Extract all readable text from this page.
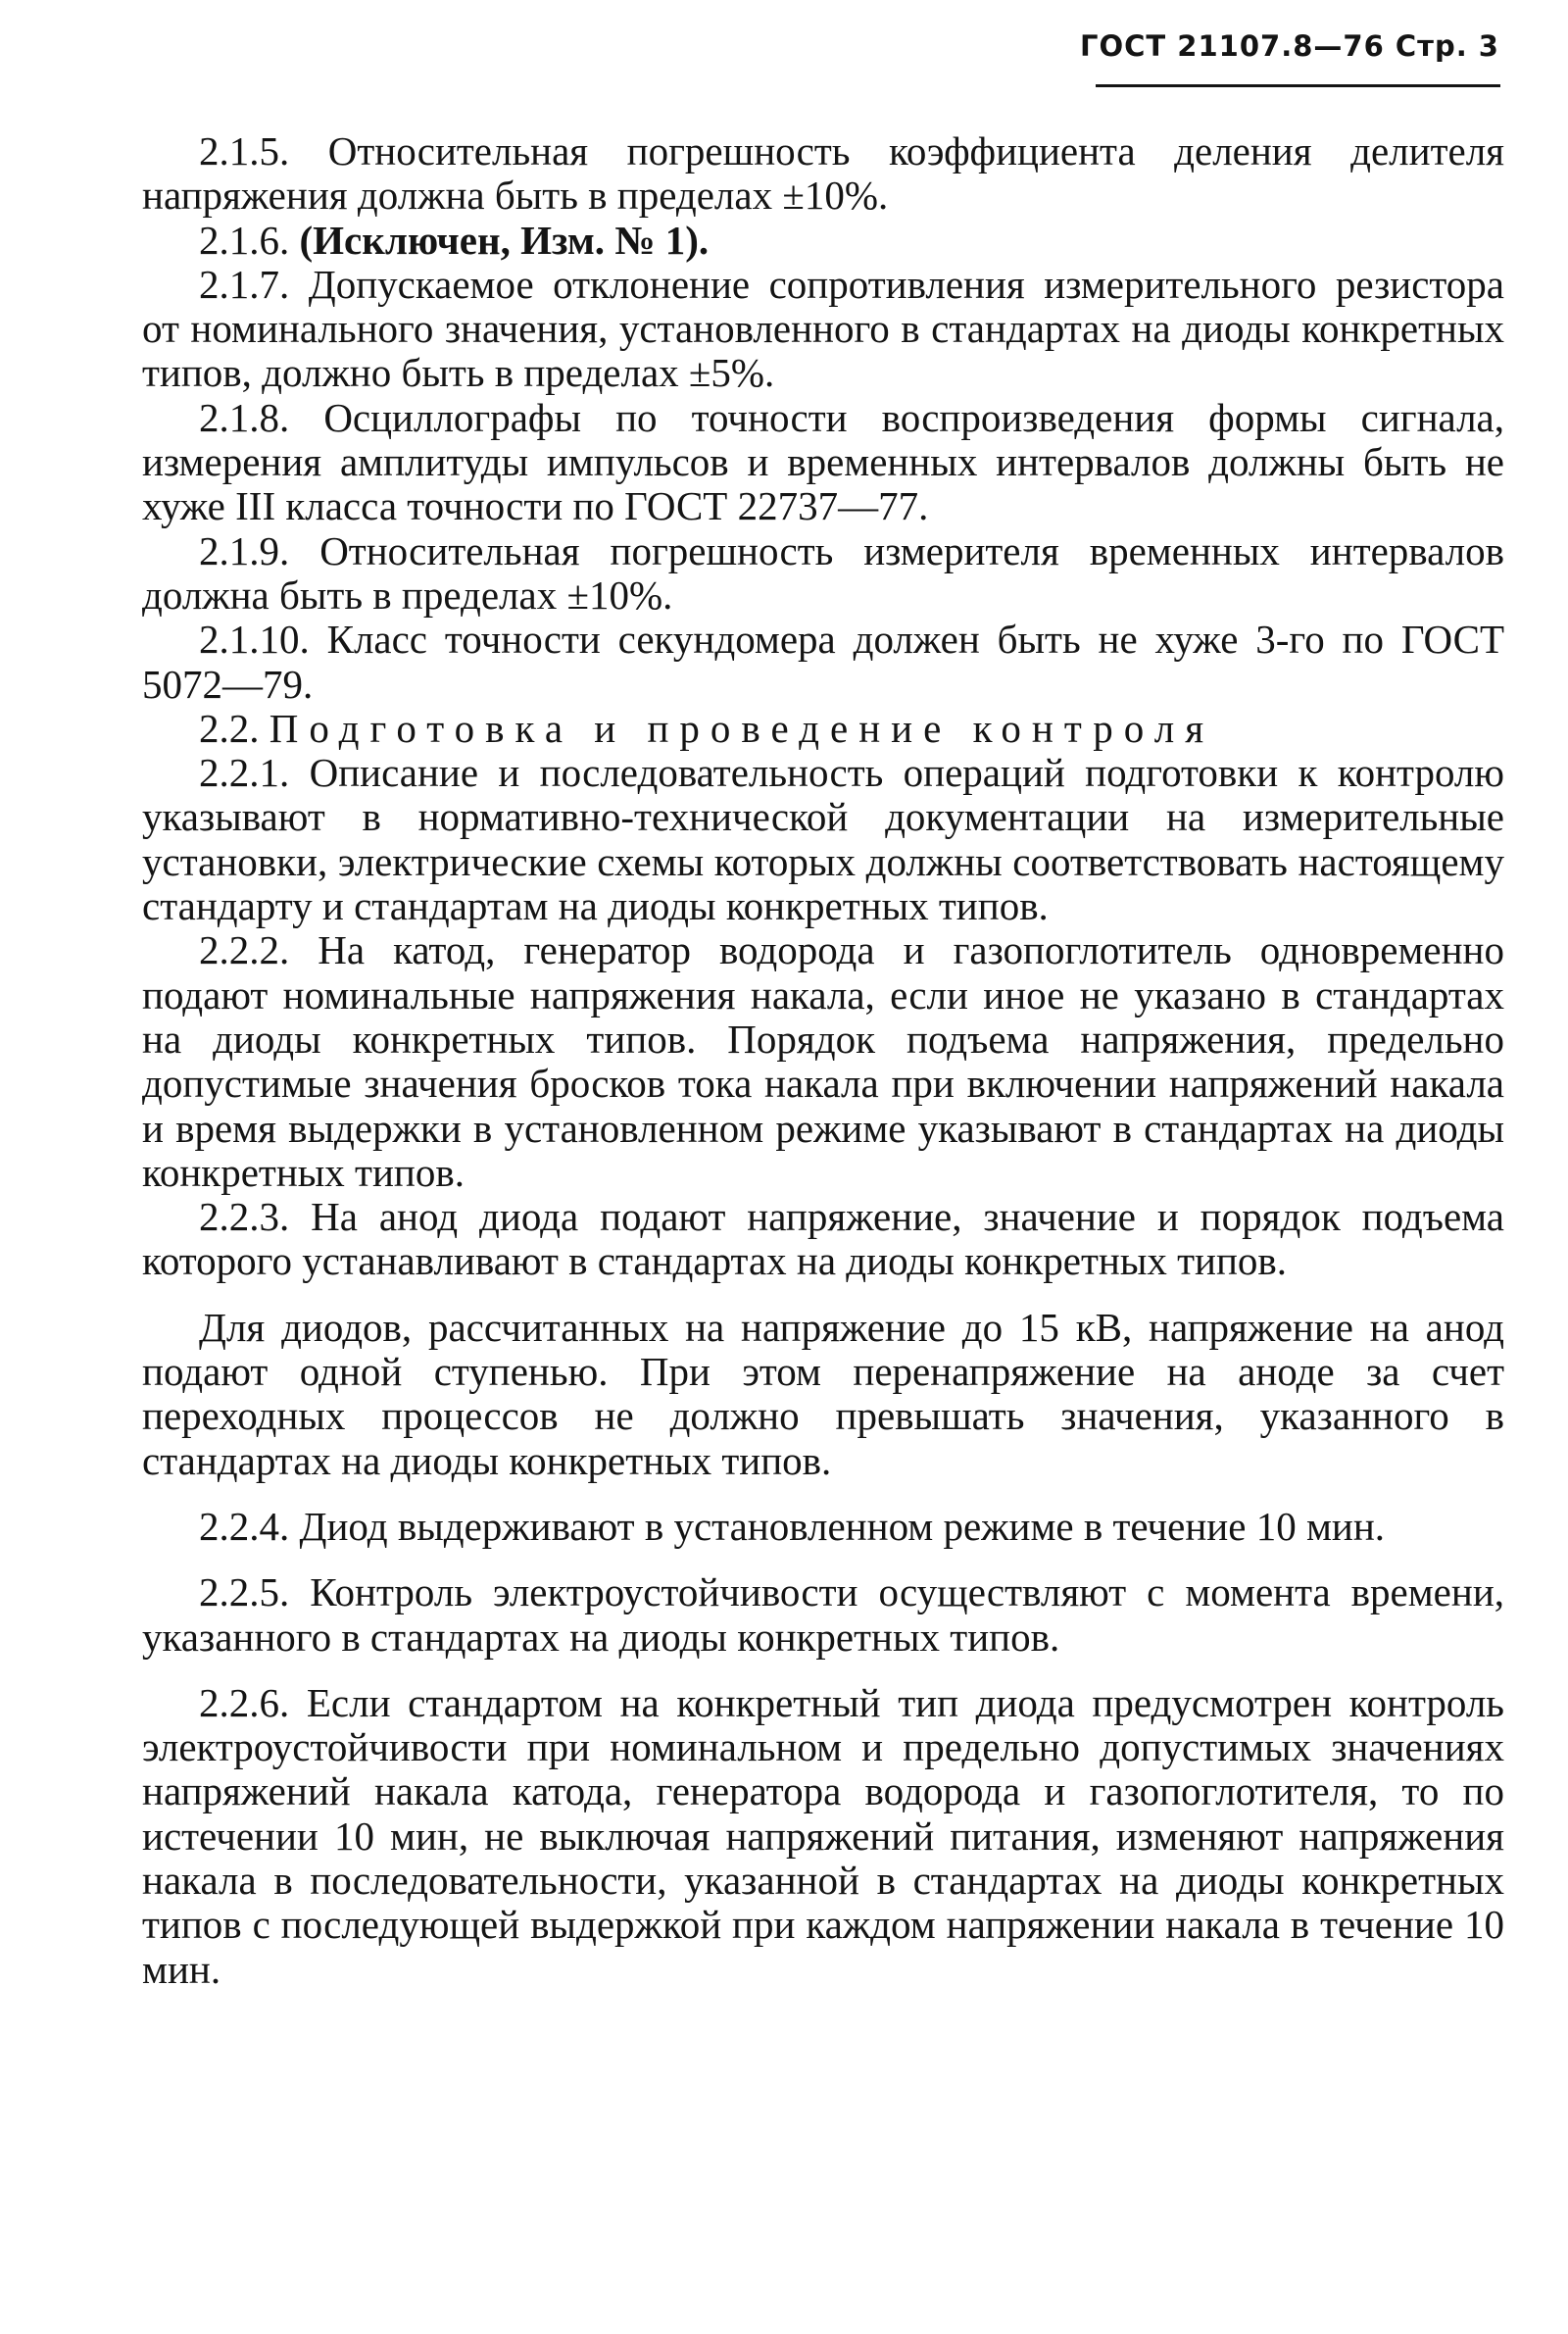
ГОСТ 21107.8—76 Стр. 3

2.1.5. Относительная погрешность коэффициента деления делителя напряжения должна быть в пределах ±10%.

2.1.6. (Исключен, Изм. № 1).

2.1.7. Допускаемое отклонение сопротивления измерительного резистора от номинального значения, установленного в стандартах на диоды конкретных типов, должно быть в пределах ±5%.

2.1.8. Осциллографы по точности воспроизведения формы сигнала, измерения амплитуды импульсов и временных интервалов должны быть не хуже III класса точности по ГОСТ 22737—77.

2.1.9. Относительная погрешность измерителя временных интервалов должна быть в пределах ±10%.

2.1.10. Класс точности секундомера должен быть не хуже 3-го по ГОСТ 5072—79.

2.2. Подготовка и проведение контроля

2.2.1. Описание и последовательность операций подготовки к контролю указывают в нормативно-технической документации на измерительные установки, электрические схемы которых должны соответствовать настоящему стандарту и стандартам на диоды конкретных типов.

2.2.2. На катод, генератор водорода и газопоглотитель одновременно подают номинальные напряжения накала, если иное не указано в стандартах на диоды конкретных типов. Порядок подъема напряжения, предельно допустимые значения бросков тока накала при включении напряжений накала и время выдержки в установленном режиме указывают в стандартах на диоды конкретных типов.

2.2.3. На анод диода подают напряжение, значение и порядок подъема которого устанавливают в стандартах на диоды конкретных типов.

Для диодов, рассчитанных на напряжение до 15 кВ, напряжение на анод подают одной ступенью. При этом перенапряжение на аноде за счет переходных процессов не должно превышать значения, указанного в стандартах на диоды конкретных типов.

2.2.4. Диод выдерживают в установленном режиме в течение 10 мин.

2.2.5. Контроль электроустойчивости осуществляют с момента времени, указанного в стандартах на диоды конкретных типов.

2.2.6. Если стандартом на конкретный тип диода предусмотрен контроль электроустойчивости при номинальном и предельно допустимых значениях напряжений накала катода, генератора водорода и газопоглотителя, то по истечении 10 мин, не выключая напряжений питания, изменяют напряжения накала в последовательности, указанной в стандартах на диоды конкретных типов с последующей выдержкой при каждом напряжении накала в течение 10 мин.
